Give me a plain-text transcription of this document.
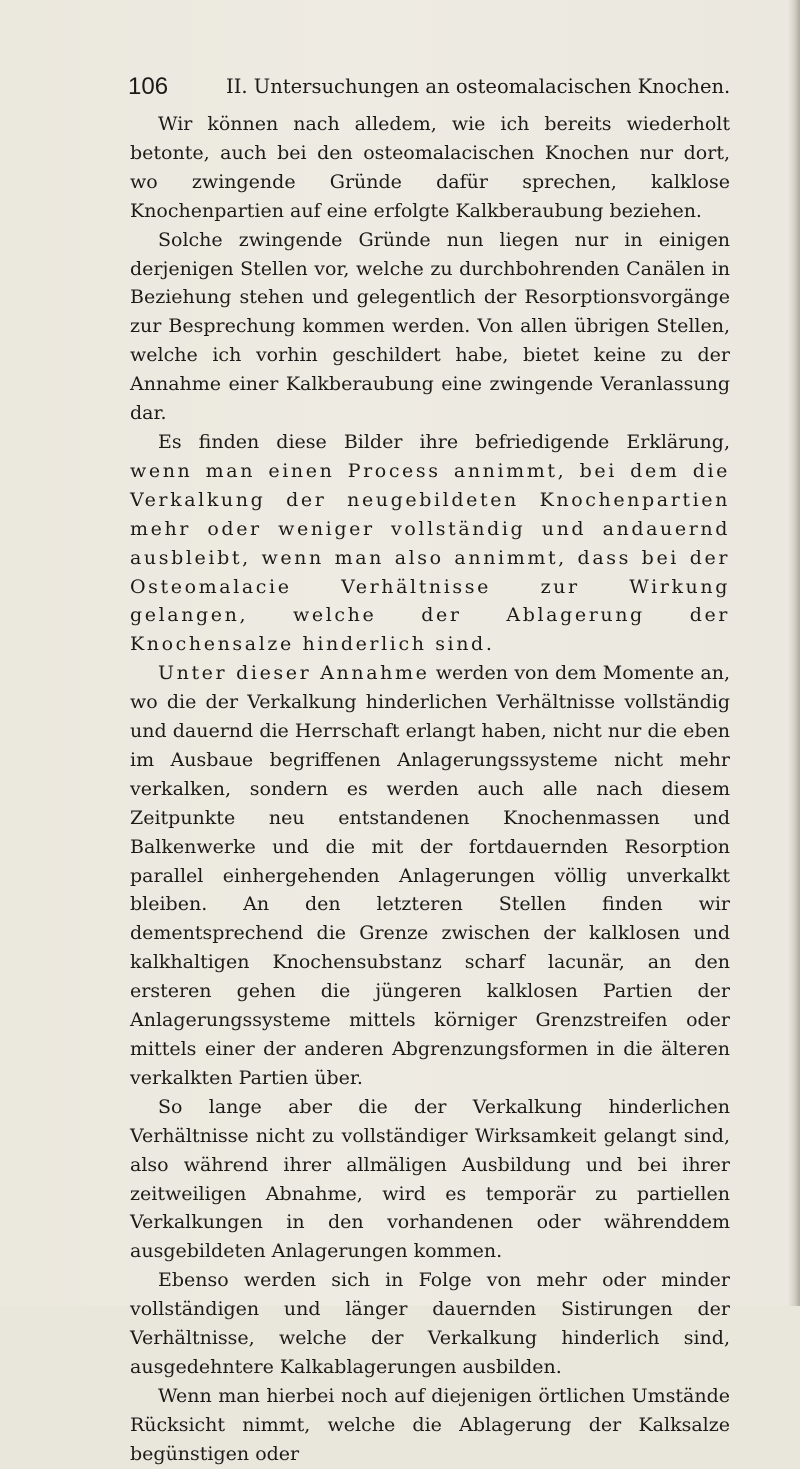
106	II. Untersuchungen an osteomalacischen Knochen.

Wir können nach alledem, wie ich bereits wiederholt betonte, auch bei den osteomalacischen Knochen nur dort, wo zwingende Gründe dafür sprechen, kalklose Knochenpartien auf eine erfolgte Kalkberaubung beziehen.

Solche zwingende Gründe nun liegen nur in einigen derjenigen Stellen vor, welche zu durchbohrenden Canälen in Beziehung stehen und gelegentlich der Resorptionsvorgänge zur Besprechung kommen werden. Von allen übrigen Stellen, welche ich vorhin geschildert habe, bietet keine zu der Annahme einer Kalkberaubung eine zwingende Veranlassung dar.

Es finden diese Bilder ihre befriedigende Erklärung, wenn man einen Process annimmt, bei dem die Verkalkung der neugebildeten Knochenpartien mehr oder weniger vollständig und andauernd ausbleibt, wenn man also annimmt, dass bei der Osteomalacie Verhältnisse zur Wirkung gelangen, welche der Ablagerung der Knochensalze hinderlich sind.

Unter dieser Annahme werden von dem Momente an, wo die der Verkalkung hinderlichen Verhältnisse vollständig und dauernd die Herrschaft erlangt haben, nicht nur die eben im Ausbaue begriffenen Anlagerungssysteme nicht mehr verkalken, sondern es werden auch alle nach diesem Zeitpunkte neu entstandenen Knochenmassen und Balkenwerke und die mit der fortdauernden Resorption parallel einhergehenden Anlagerungen völlig unverkalkt bleiben. An den letzteren Stellen finden wir dementsprechend die Grenze zwischen der kalklosen und kalkhaltigen Knochensubstanz scharf lacunär, an den ersteren gehen die jüngeren kalklosen Partien der Anlagerungssysteme mittels körniger Grenzstreifen oder mittels einer der anderen Abgrenzungsformen in die älteren verkalkten Partien über.

So lange aber die der Verkalkung hinderlichen Verhältnisse nicht zu vollständiger Wirksamkeit gelangt sind, also während ihrer allmäligen Ausbildung und bei ihrer zeitweiligen Abnahme, wird es temporär zu partiellen Verkalkungen in den vorhandenen oder währenddem ausgebildeten Anlagerungen kommen.

Ebenso werden sich in Folge von mehr oder minder vollständigen und länger dauernden Sistirungen der Verhältnisse, welche der Verkalkung hinderlich sind, ausgedehntere Kalkablagerungen ausbilden.

Wenn man hierbei noch auf diejenigen örtlichen Umstände Rücksicht nimmt, welche die Ablagerung der Kalksalze begünstigen oder
